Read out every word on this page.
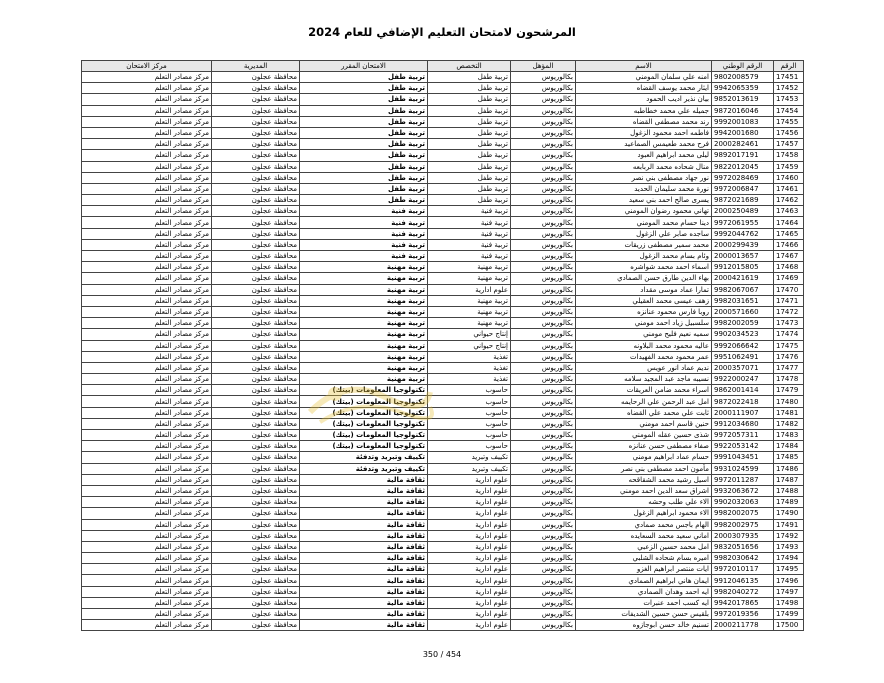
المرشحون لامتحان التعليم الإضافي للعام 2024
الرقم	الرقم الوطني	الاسم	المؤهل	التخصص	الامتحان المقرر	المديرية	مركز الامتحان
17451	9802008579	امنه علي سلمان المومني	بكالوريوس	تربية طفل	تربية طفل	محافظة عجلون	مركز مصادر التعلم
17452	9942065359	ايثار محمد يوسف القضاه	بكالوريوس	تربية طفل	تربية طفل	محافظة عجلون	مركز مصادر التعلم
17453	9852013619	بيان نذير اديب الحمود	بكالوريوس	تربية طفل	تربية طفل	محافظة عجلون	مركز مصادر التعلم
17454	9872016046	جميله علي محمد خطاطبه	بكالوريوس	تربية طفل	تربية طفل	محافظة عجلون	مركز مصادر التعلم
17455	9992001083	رند محمد مصطفى القضاه	بكالوريوس	تربية طفل	تربية طفل	محافظة عجلون	مركز مصادر التعلم
17456	9942001680	فاطمه احمد محمود الزغول	بكالوريوس	تربية طفل	تربية طفل	محافظة عجلون	مركز مصادر التعلم
17457	2000282461	فرح محمد طعيمس الصماعيد	بكالوريوس	تربية طفل	تربية طفل	محافظة عجلون	مركز مصادر التعلم
17458	9892017191	ليلى محمد ابراهيم العبود	بكالوريوس	تربية طفل	تربية طفل	محافظة عجلون	مركز مصادر التعلم
17459	9822012045	منال شحاده محمد الربابعه	بكالوريوس	تربية طفل	تربية طفل	محافظة عجلون	مركز مصادر التعلم
17460	9972028469	نور جهاد مصطفى بني نصر	بكالوريوس	تربية طفل	تربية طفل	محافظة عجلون	مركز مصادر التعلم
17461	9972006847	نورة محمد سليمان الحديد	بكالوريوس	تربية طفل	تربية طفل	محافظة عجلون	مركز مصادر التعلم
17462	9872021689	يسرى صالح احمد بني سعيد	بكالوريوس	تربية طفل	تربية طفل	محافظة عجلون	مركز مصادر التعلم
17463	2000250489	تهاني محمود رضوان المومني	بكالوريوس	تربية فنية	تربية فنية	محافظة عجلون	مركز مصادر التعلم
17464	9972061955	دينا حسام محمد المومني	بكالوريوس	تربية فنية	تربية فنية	محافظة عجلون	مركز مصادر التعلم
17465	9992044762	ساجده صابر علي الزغول	بكالوريوس	تربية فنية	تربية فنية	محافظة عجلون	مركز مصادر التعلم
17466	2000299439	محمد سمير مصطفى زريقات	بكالوريوس	تربية فنية	تربية فنية	محافظة عجلون	مركز مصادر التعلم
17467	2000013657	وئام بسام محمد الزغول	بكالوريوس	تربية فنية	تربية فنية	محافظة عجلون	مركز مصادر التعلم
17468	9912015805	اسماء احمد محمد شواشره	بكالوريوس	تربية مهنية	تربية مهنية	محافظة عجلون	مركز مصادر التعلم
17469	2000421619	بهاء الدين طارق حسن الصمادي	بكالوريوس	تربية مهنية	تربية مهنية	محافظة عجلون	مركز مصادر التعلم
17470	9982067067	تمارا عماد موسى مقداد	بكالوريوس	علوم ادارية	تربية مهنية	محافظة عجلون	مركز مصادر التعلم
17471	9982031651	زهف عيسى محمد العقيلي	بكالوريوس	تربية مهنية	تربية مهنية	محافظة عجلون	مركز مصادر التعلم
17472	2000571660	روبا فارس محمود عنانزه	بكالوريوس	تربية مهنية	تربية مهنية	محافظة عجلون	مركز مصادر التعلم
17473	9982002059	سلسبيل زياد احمد مومني	بكالوريوس	تربية مهنية	تربية مهنية	محافظة عجلون	مركز مصادر التعلم
17474	9902034523	سميه نعيم فليح مومني	بكالوريوس	إنتاج حيواني	تربية مهنية	محافظة عجلون	مركز مصادر التعلم
17475	9992066642	عاليه محمود محمد البلاونه	بكالوريوس	إنتاج حيواني	تربية مهنية	محافظة عجلون	مركز مصادر التعلم
17476	9951062491	عمر محمود محمد الفهيدات	بكالوريوس	تغذية	تربية مهنية	محافظة عجلون	مركز مصادر التعلم
17477	2000357071	نديم عماد انور عويس	بكالوريوس	تغذية	تربية مهنية	محافظة عجلون	مركز مصادر التعلم
17478	9922000247	نسيبه ماجد عبد المجيد سلامه	بكالوريوس	تغذية	تربية مهنية	محافظة عجلون	مركز مصادر التعلم
17479	9862001414	اسراء محمد ضامن العريقات	بكالوريوس	حاسوب	تكنولوجيا المعلومات (بيتك)	محافظة عجلون	مركز مصادر التعلم
17480	9872022418	امل عبد الرحمن علي الرحايمه	بكالوريوس	حاسوب	تكنولوجيا المعلومات (بيتك)	محافظة عجلون	مركز مصادر التعلم
17481	2000111907	ثابت علي محمد علي القضاه	بكالوريوس	حاسوب	تكنولوجيا المعلومات (بيتك)	محافظة عجلون	مركز مصادر التعلم
17482	9912034680	حنين قاسم احمد مومني	بكالوريوس	حاسوب	تكنولوجيا المعلومات (بيتك)	محافظة عجلون	مركز مصادر التعلم
17483	9972057311	شذى حسين عقله المومني	بكالوريوس	حاسوب	تكنولوجيا المعلومات (بيتك)	محافظة عجلون	مركز مصادر التعلم
17484	9922053142	صفاء مصطفى حسن عنانزه	بكالوريوس	حاسوب	تكنولوجيا المعلومات (بيتك)	محافظة عجلون	مركز مصادر التعلم
17485	9991043451	حسام عماد ابراهيم مومني	بكالوريوس	تكييف وتبريد	تكييف وتبريد وتدفئة	محافظة عجلون	مركز مصادر التعلم
17486	9931024599	مأمون احمد مصطفى بني نصر	بكالوريوس	تكييف وتبريد	تكييف وتبريد وتدفئة	محافظة عجلون	مركز مصادر التعلم
17487	9972011287	اسيل رشيد محمد الشقاقحه	بكالوريوس	علوم ادارية	ثقافة مالية	محافظة عجلون	مركز مصادر التعلم
17488	9932063672	اشراق سعد الدين احمد مومني	بكالوريوس	علوم ادارية	ثقافة مالية	محافظة عجلون	مركز مصادر التعلم
17489	9902032063	الاء علي طلب وحشه	بكالوريوس	علوم ادارية	ثقافة مالية	محافظة عجلون	مركز مصادر التعلم
17490	9982002075	الاء محمود ابراهيم الزغول	بكالوريوس	علوم ادارية	ثقافة مالية	محافظة عجلون	مركز مصادر التعلم
17491	9982002975	الهام باجس محمد صمادي	بكالوريوس	علوم ادارية	ثقافة مالية	محافظة عجلون	مركز مصادر التعلم
17492	2000307935	اماني سعيد محمد السعايده	بكالوريوس	علوم ادارية	ثقافة مالية	محافظة عجلون	مركز مصادر التعلم
17493	9832051656	امل محمد حسين الزعبي	بكالوريوس	علوم ادارية	ثقافة مالية	محافظة عجلون	مركز مصادر التعلم
17494	9982030642	اميره بسام شحاده الشلبي	بكالوريوس	علوم ادارية	ثقافة مالية	محافظة عجلون	مركز مصادر التعلم
17495	9972010117	ايات منتصر ابراهيم الغزو	بكالوريوس	علوم ادارية	ثقافة مالية	محافظة عجلون	مركز مصادر التعلم
17496	9912046135	ايمان هاني ابراهيم الصمادي	بكالوريوس	علوم ادارية	ثقافة مالية	محافظة عجلون	مركز مصادر التعلم
17497	9982040272	ايه احمد وهدان الصمادي	بكالوريوس	علوم ادارية	ثقافة مالية	محافظة عجلون	مركز مصادر التعلم
17498	9942017865	ايه كسب احمد عنبرات	بكالوريوس	علوم ادارية	ثقافة مالية	محافظة عجلون	مركز مصادر التعلم
17499	9972019356	بلقيس حسن حسين الشديفات	بكالوريوس	علوم ادارية	ثقافة مالية	محافظة عجلون	مركز مصادر التعلم
17500	2000211778	تسنيم خالد حسن ابوجازوه	بكالوريوس	علوم ادارية	ثقافة مالية	محافظة عجلون	مركز مصادر التعلم
350 / 454
